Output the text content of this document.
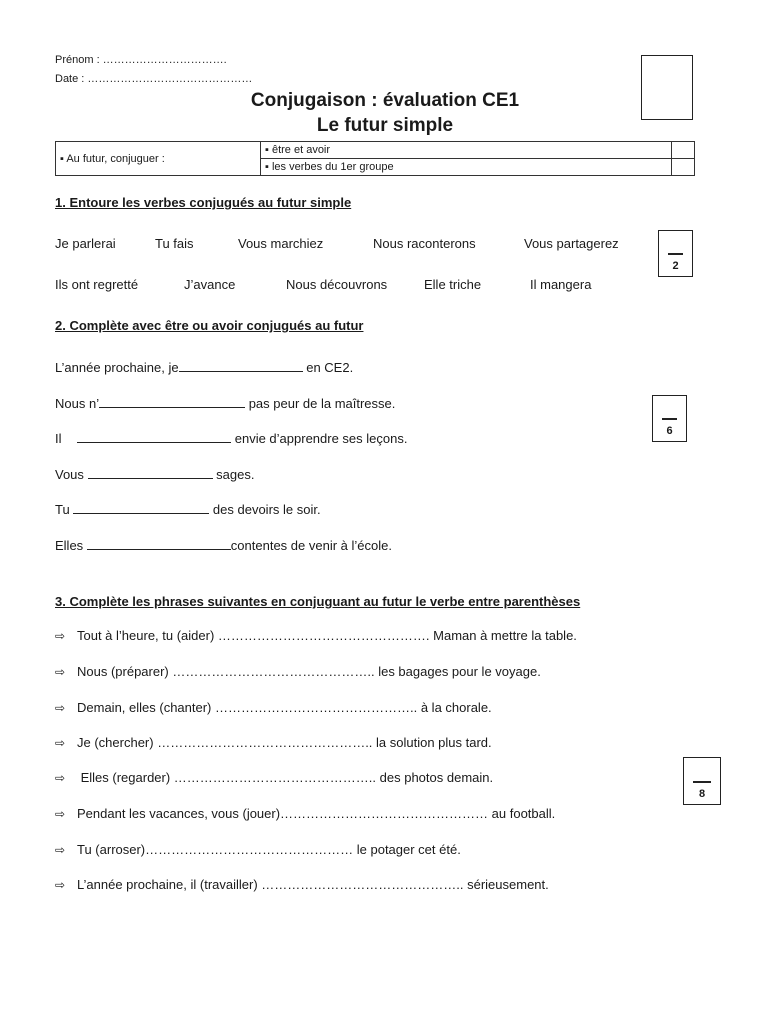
Prénom : …………………………….
Date : ………………………………………
Conjugaison : évaluation CE1
Le futur simple
▪ Au futur, conjuguer :	▪ être et avoir	
	▪ les verbes du 1er groupe	
1. Entoure les verbes conjugués au futur simple
Je parlerai	Tu fais	Vous marchiez	Nous raconterons	Vous partagerez
Ils ont regretté	J’avance	Nous découvrons	Elle triche	Il mangera
2
2. Complète avec être ou avoir conjugués au futur
L’année prochaine, je	en CE2.
Nous n’	pas peur de la maîtresse.
Il	envie d’apprendre ses leçons.
Vous	sages.
Tu	des devoirs le soir.
Elles	contentes de venir à l’école.
6
3. Complète les phrases suivantes en conjuguant au futur le verbe entre parenthèses
⇨ Tout à l’heure, tu (aider) …………………………………………. Maman à mettre la table.
⇨ Nous (préparer) ……………………………………….. les bagages pour le voyage.
⇨ Demain, elles (chanter) ……………………………………….. à la chorale.
⇨ Je (chercher) ………………………………………….. la solution plus tard.
⇨ Elles (regarder) ……………………………………….. des photos demain.
⇨ Pendant les vacances, vous (jouer)………………………………………… au football.
⇨ Tu (arroser)………………………………………… le potager cet été.
⇨ L’année prochaine, il (travailler) ……………………………………….. sérieusement.
8
